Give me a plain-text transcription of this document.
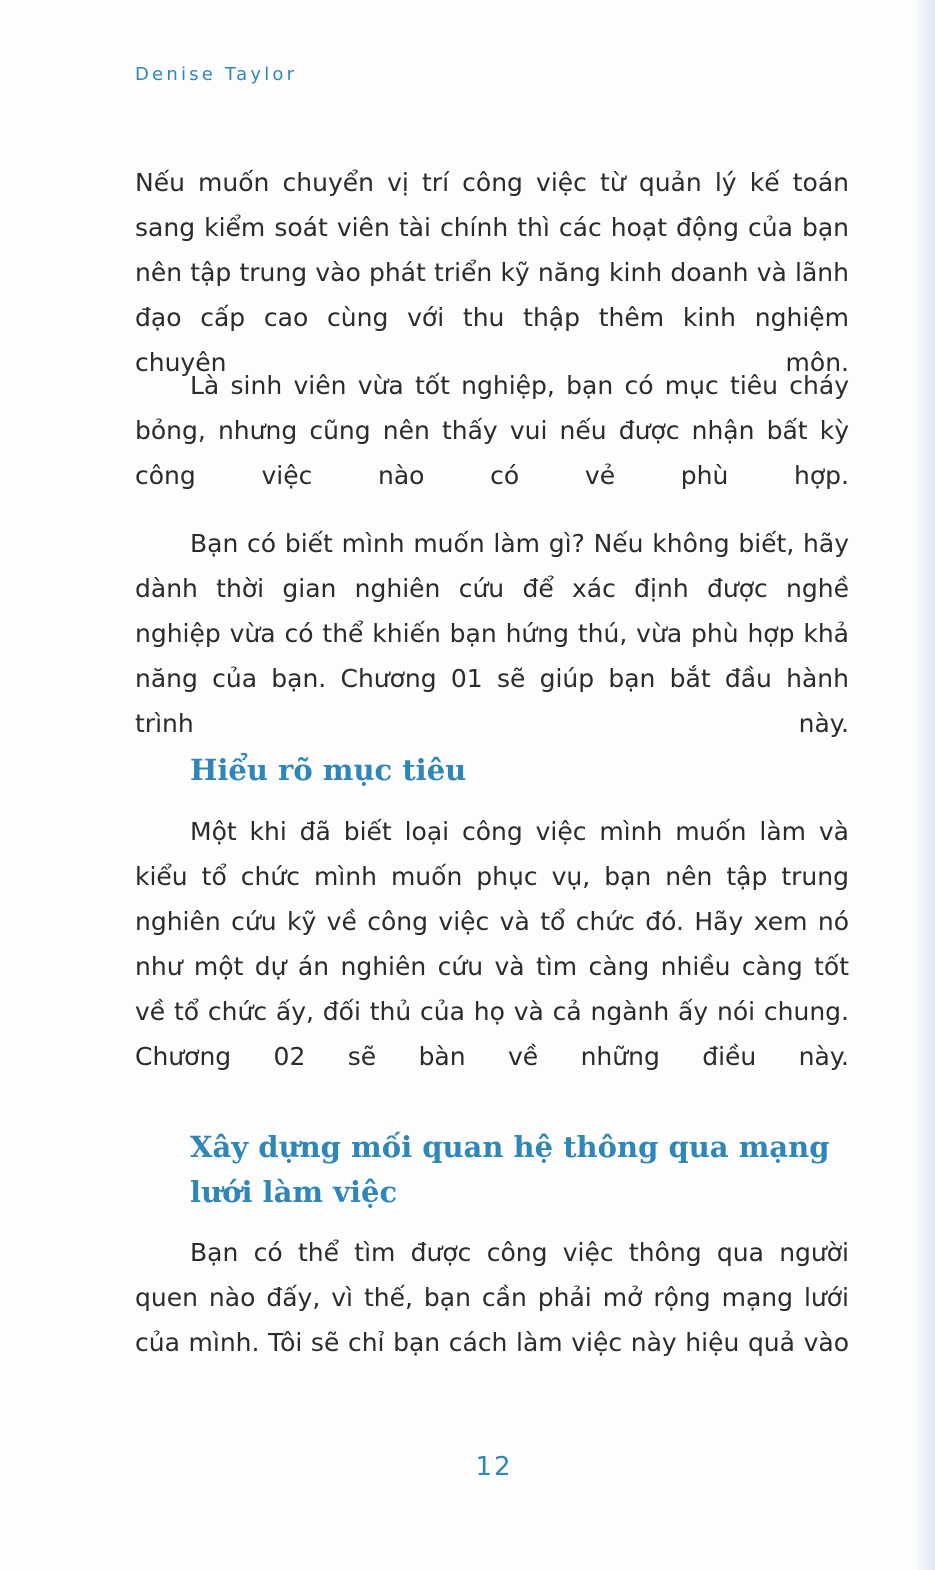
Denise Taylor

Nếu muốn chuyển vị trí công việc từ quản lý kế toán sang kiểm soát viên tài chính thì các hoạt động của bạn nên tập trung vào phát triển kỹ năng kinh doanh và lãnh đạo cấp cao cùng với thu thập thêm kinh nghiệm chuyên môn.

Là sinh viên vừa tốt nghiệp, bạn có mục tiêu cháy bỏng, nhưng cũng nên thấy vui nếu được nhận bất kỳ công việc nào có vẻ phù hợp.

Bạn có biết mình muốn làm gì? Nếu không biết, hãy dành thời gian nghiên cứu để xác định được nghề nghiệp vừa có thể khiến bạn hứng thú, vừa phù hợp khả năng của bạn. Chương 01 sẽ giúp bạn bắt đầu hành trình này.

Hiểu rõ mục tiêu

Một khi đã biết loại công việc mình muốn làm và kiểu tổ chức mình muốn phục vụ, bạn nên tập trung nghiên cứu kỹ về công việc và tổ chức đó. Hãy xem nó như một dự án nghiên cứu và tìm càng nhiều càng tốt về tổ chức ấy, đối thủ của họ và cả ngành ấy nói chung. Chương 02 sẽ bàn về những điều này.

Xây dựng mối quan hệ thông qua mạng lưới làm việc

Bạn có thể tìm được công việc thông qua người quen nào đấy, vì thế, bạn cần phải mở rộng mạng lưới của mình. Tôi sẽ chỉ bạn cách làm việc này hiệu quả vào

12
